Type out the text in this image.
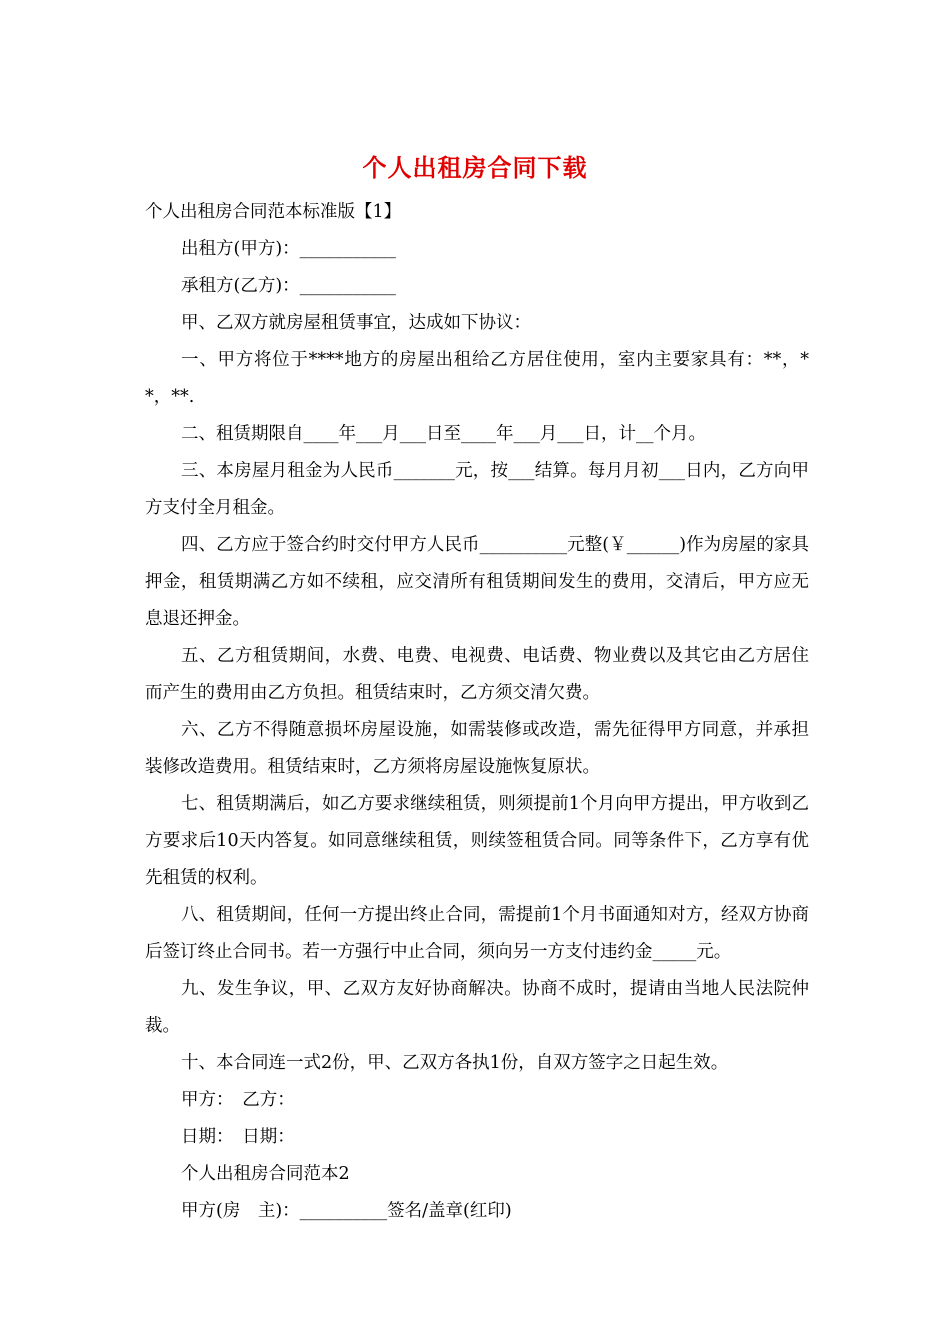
个人出租房合同下载

个人出租房合同范本标准版【1】

出租方(甲方)：___________

承租方(乙方)：___________

甲、乙双方就房屋租赁事宜，达成如下协议：

一、甲方将位于****地方的房屋出租给乙方居住使用，室内主要家具有：**，**，**.

二、租赁期限自____年___月___日至____年___月___日，计__个月。

三、本房屋月租金为人民币_______元，按___结算。每月月初___日内，乙方向甲方支付全月租金。

四、乙方应于签合约时交付甲方人民币__________元整(￥______)作为房屋的家具押金，租赁期满乙方如不续租，应交清所有租赁期间发生的费用，交清后，甲方应无息退还押金。

五、乙方租赁期间，水费、电费、电视费、电话费、物业费以及其它由乙方居住而产生的费用由乙方负担。租赁结束时，乙方须交清欠费。

六、乙方不得随意损坏房屋设施，如需装修或改造，需先征得甲方同意，并承担装修改造费用。租赁结束时，乙方须将房屋设施恢复原状。

七、租赁期满后，如乙方要求继续租赁，则须提前1个月向甲方提出，甲方收到乙方要求后10天内答复。如同意继续租赁，则续签租赁合同。同等条件下，乙方享有优先租赁的权利。

八、租赁期间，任何一方提出终止合同，需提前1个月书面通知对方，经双方协商后签订终止合同书。若一方强行中止合同，须向另一方支付违约金_____元。

九、发生争议，甲、乙双方友好协商解决。协商不成时，提请由当地人民法院仲裁。

十、本合同连一式2份，甲、乙双方各执1份，自双方签字之日起生效。

甲方：　乙方：

日期：　日期：

个人出租房合同范本2

甲方(房　主)：__________签名/盖章(红印)
